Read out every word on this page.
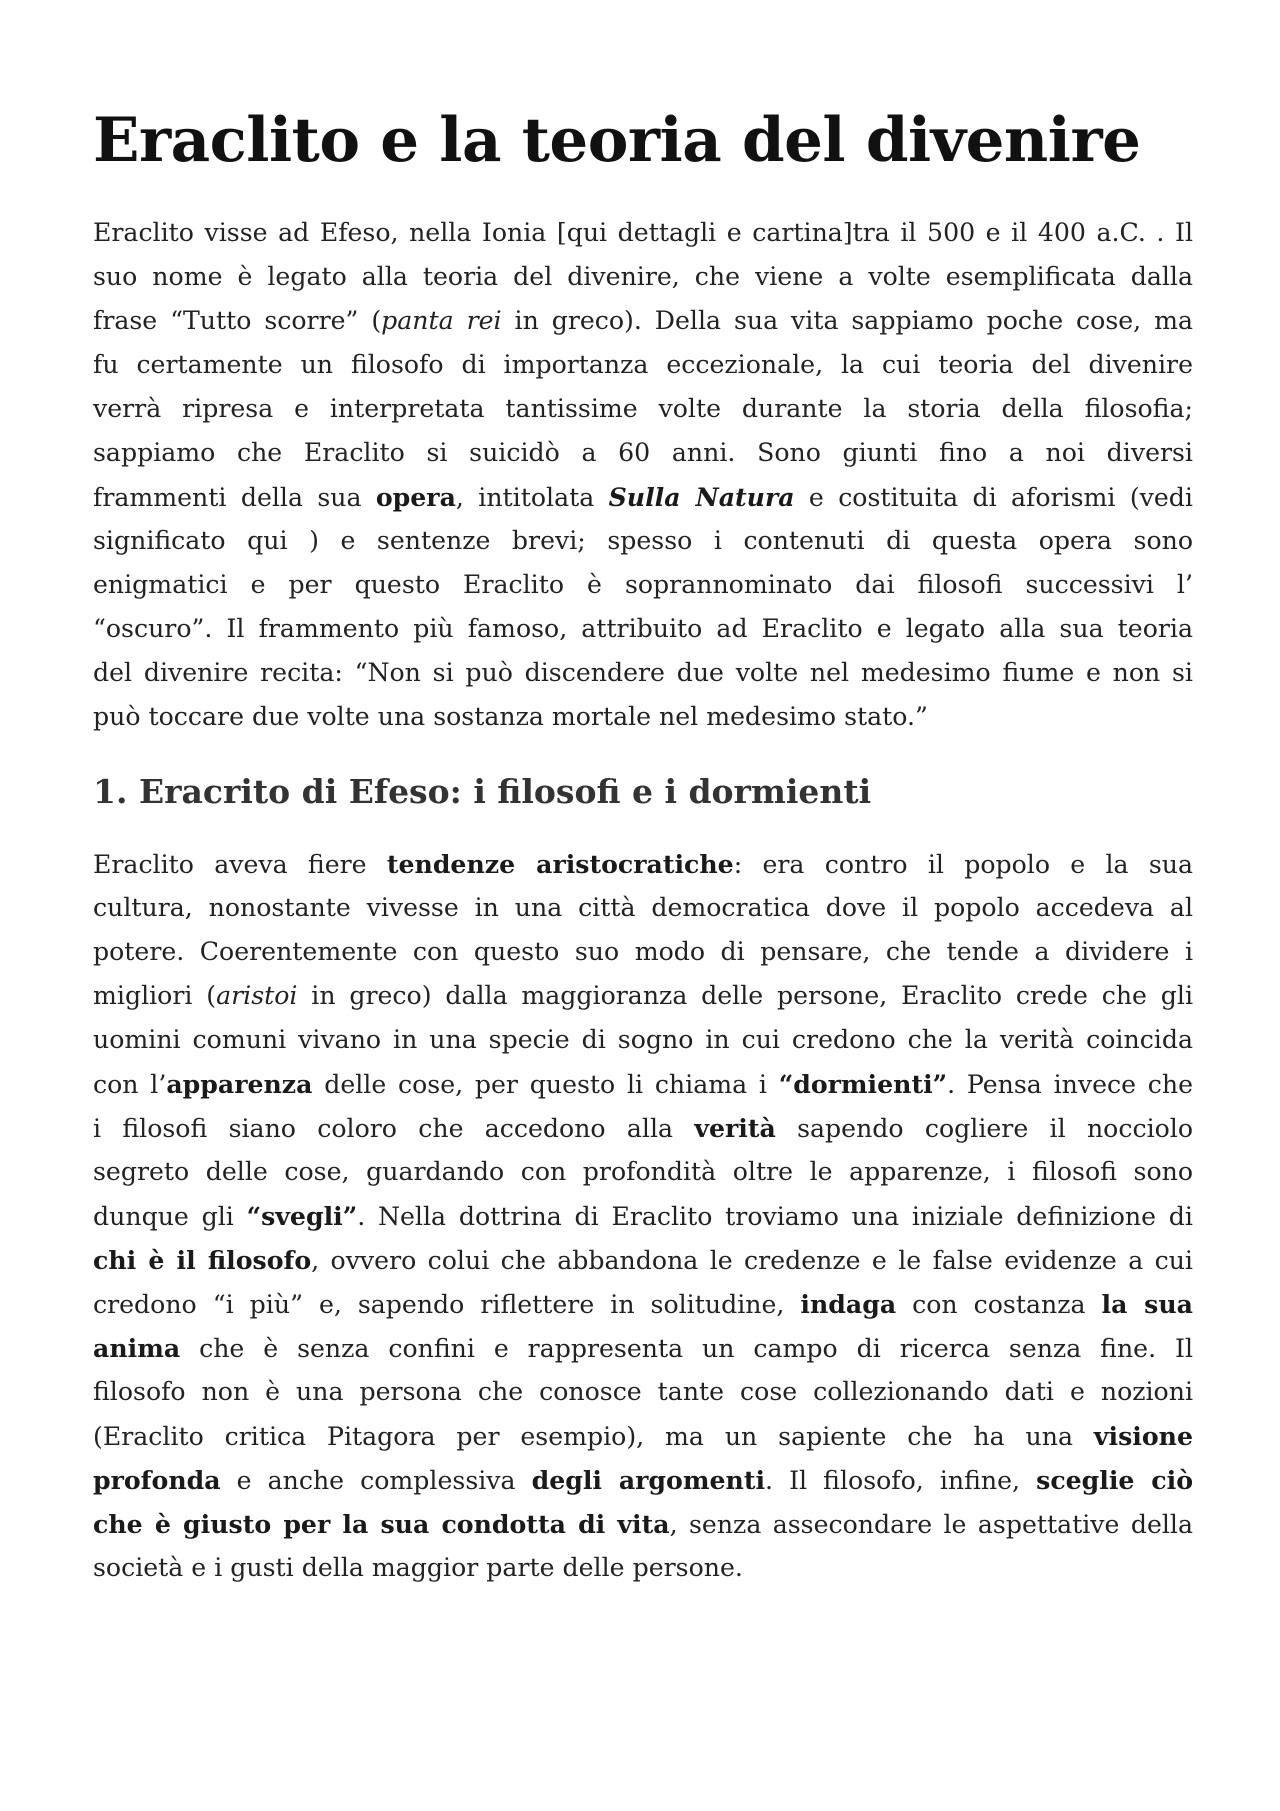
Eraclito e la teoria del divenire
Eraclito visse ad Efeso, nella Ionia [qui dettagli e cartina]tra il 500 e il 400 a.C. . Il
suo nome è legato alla teoria del divenire, che viene a volte esemplificata dalla
frase “Tutto scorre” (panta rei in greco). Della sua vita sappiamo poche cose, ma
fu certamente un filosofo di importanza eccezionale, la cui teoria del divenire
verrà ripresa e interpretata tantissime volte durante la storia della filosofia;
sappiamo che Eraclito si suicidò a 60 anni. Sono giunti fino a noi diversi
frammenti della sua opera, intitolata Sulla Natura e costituita di aforismi (vedi
significato qui ) e sentenze brevi; spesso i contenuti di questa opera sono
enigmatici e per questo Eraclito è soprannominato dai filosofi successivi l’
“oscuro”. Il frammento più famoso, attribuito ad Eraclito e legato alla sua teoria
del divenire recita: “Non si può discendere due volte nel medesimo fiume e non si
può toccare due volte una sostanza mortale nel medesimo stato.”
1. Eracrito di Efeso: i filosofi e i dormienti
Eraclito aveva fiere tendenze aristocratiche: era contro il popolo e la sua
cultura, nonostante vivesse in una città democratica dove il popolo accedeva al
potere. Coerentemente con questo suo modo di pensare, che tende a dividere i
migliori (aristoi in greco) dalla maggioranza delle persone, Eraclito crede che gli
uomini comuni vivano in una specie di sogno in cui credono che la verità coincida
con l’apparenza delle cose, per questo li chiama i “dormienti”. Pensa invece che
i filosofi siano coloro che accedono alla verità sapendo cogliere il nocciolo
segreto delle cose, guardando con profondità oltre le apparenze, i filosofi sono
dunque gli “svegli”. Nella dottrina di Eraclito troviamo una iniziale definizione di
chi è il filosofo, ovvero colui che abbandona le credenze e le false evidenze a cui
credono “i più” e, sapendo riflettere in solitudine, indaga con costanza la sua
anima che è senza confini e rappresenta un campo di ricerca senza fine. Il
filosofo non è una persona che conosce tante cose collezionando dati e nozioni
(Eraclito critica Pitagora per esempio), ma un sapiente che ha una visione
profonda e anche complessiva degli argomenti. Il filosofo, infine, sceglie ciò
che è giusto per la sua condotta di vita, senza assecondare le aspettative della
società e i gusti della maggior parte delle persone.
